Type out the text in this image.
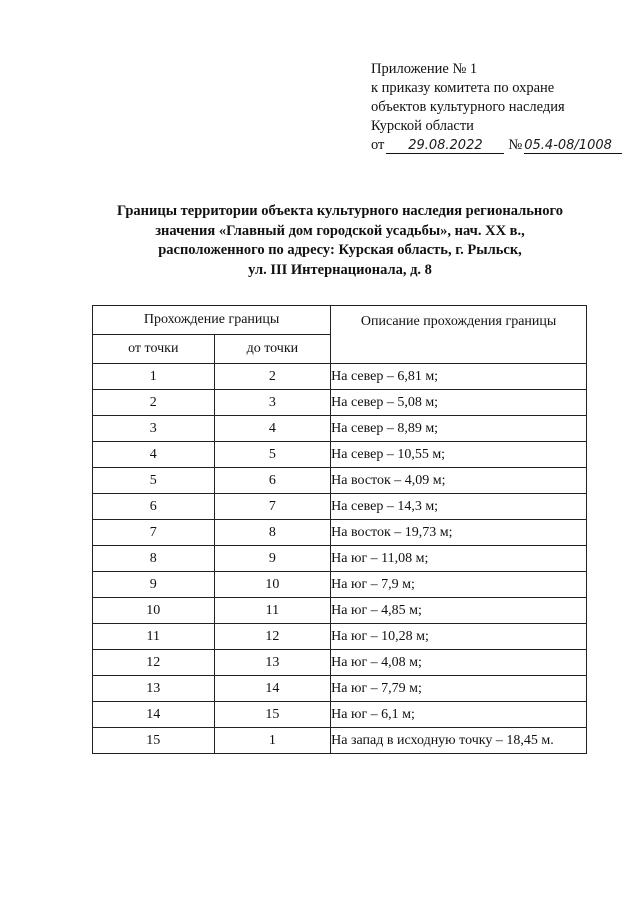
Приложение № 1
к приказу комитета по охране
объектов культурного наследия
Курской области
от 29.08.2022 № 05.4-08/1008
Границы территории объекта культурного наследия регионального
значения «Главный дом городской усадьбы», нач. XX в.,
расположенного по адресу: Курская область, г. Рыльск,
ул. III Интернационала, д. 8
Прохождение границы		Описание прохождения границы
от точки	до точки	
1	2	На север – 6,81 м;
2	3	На север – 5,08 м;
3	4	На север – 8,89 м;
4	5	На север – 10,55 м;
5	6	На восток – 4,09 м;
6	7	На север – 14,3 м;
7	8	На восток – 19,73 м;
8	9	На юг – 11,08 м;
9	10	На юг – 7,9 м;
10	11	На юг – 4,85 м;
11	12	На юг – 10,28 м;
12	13	На юг – 4,08 м;
13	14	На юг – 7,79 м;
14	15	На юг – 6,1 м;
15	1	На запад в исходную точку – 18,45 м.
